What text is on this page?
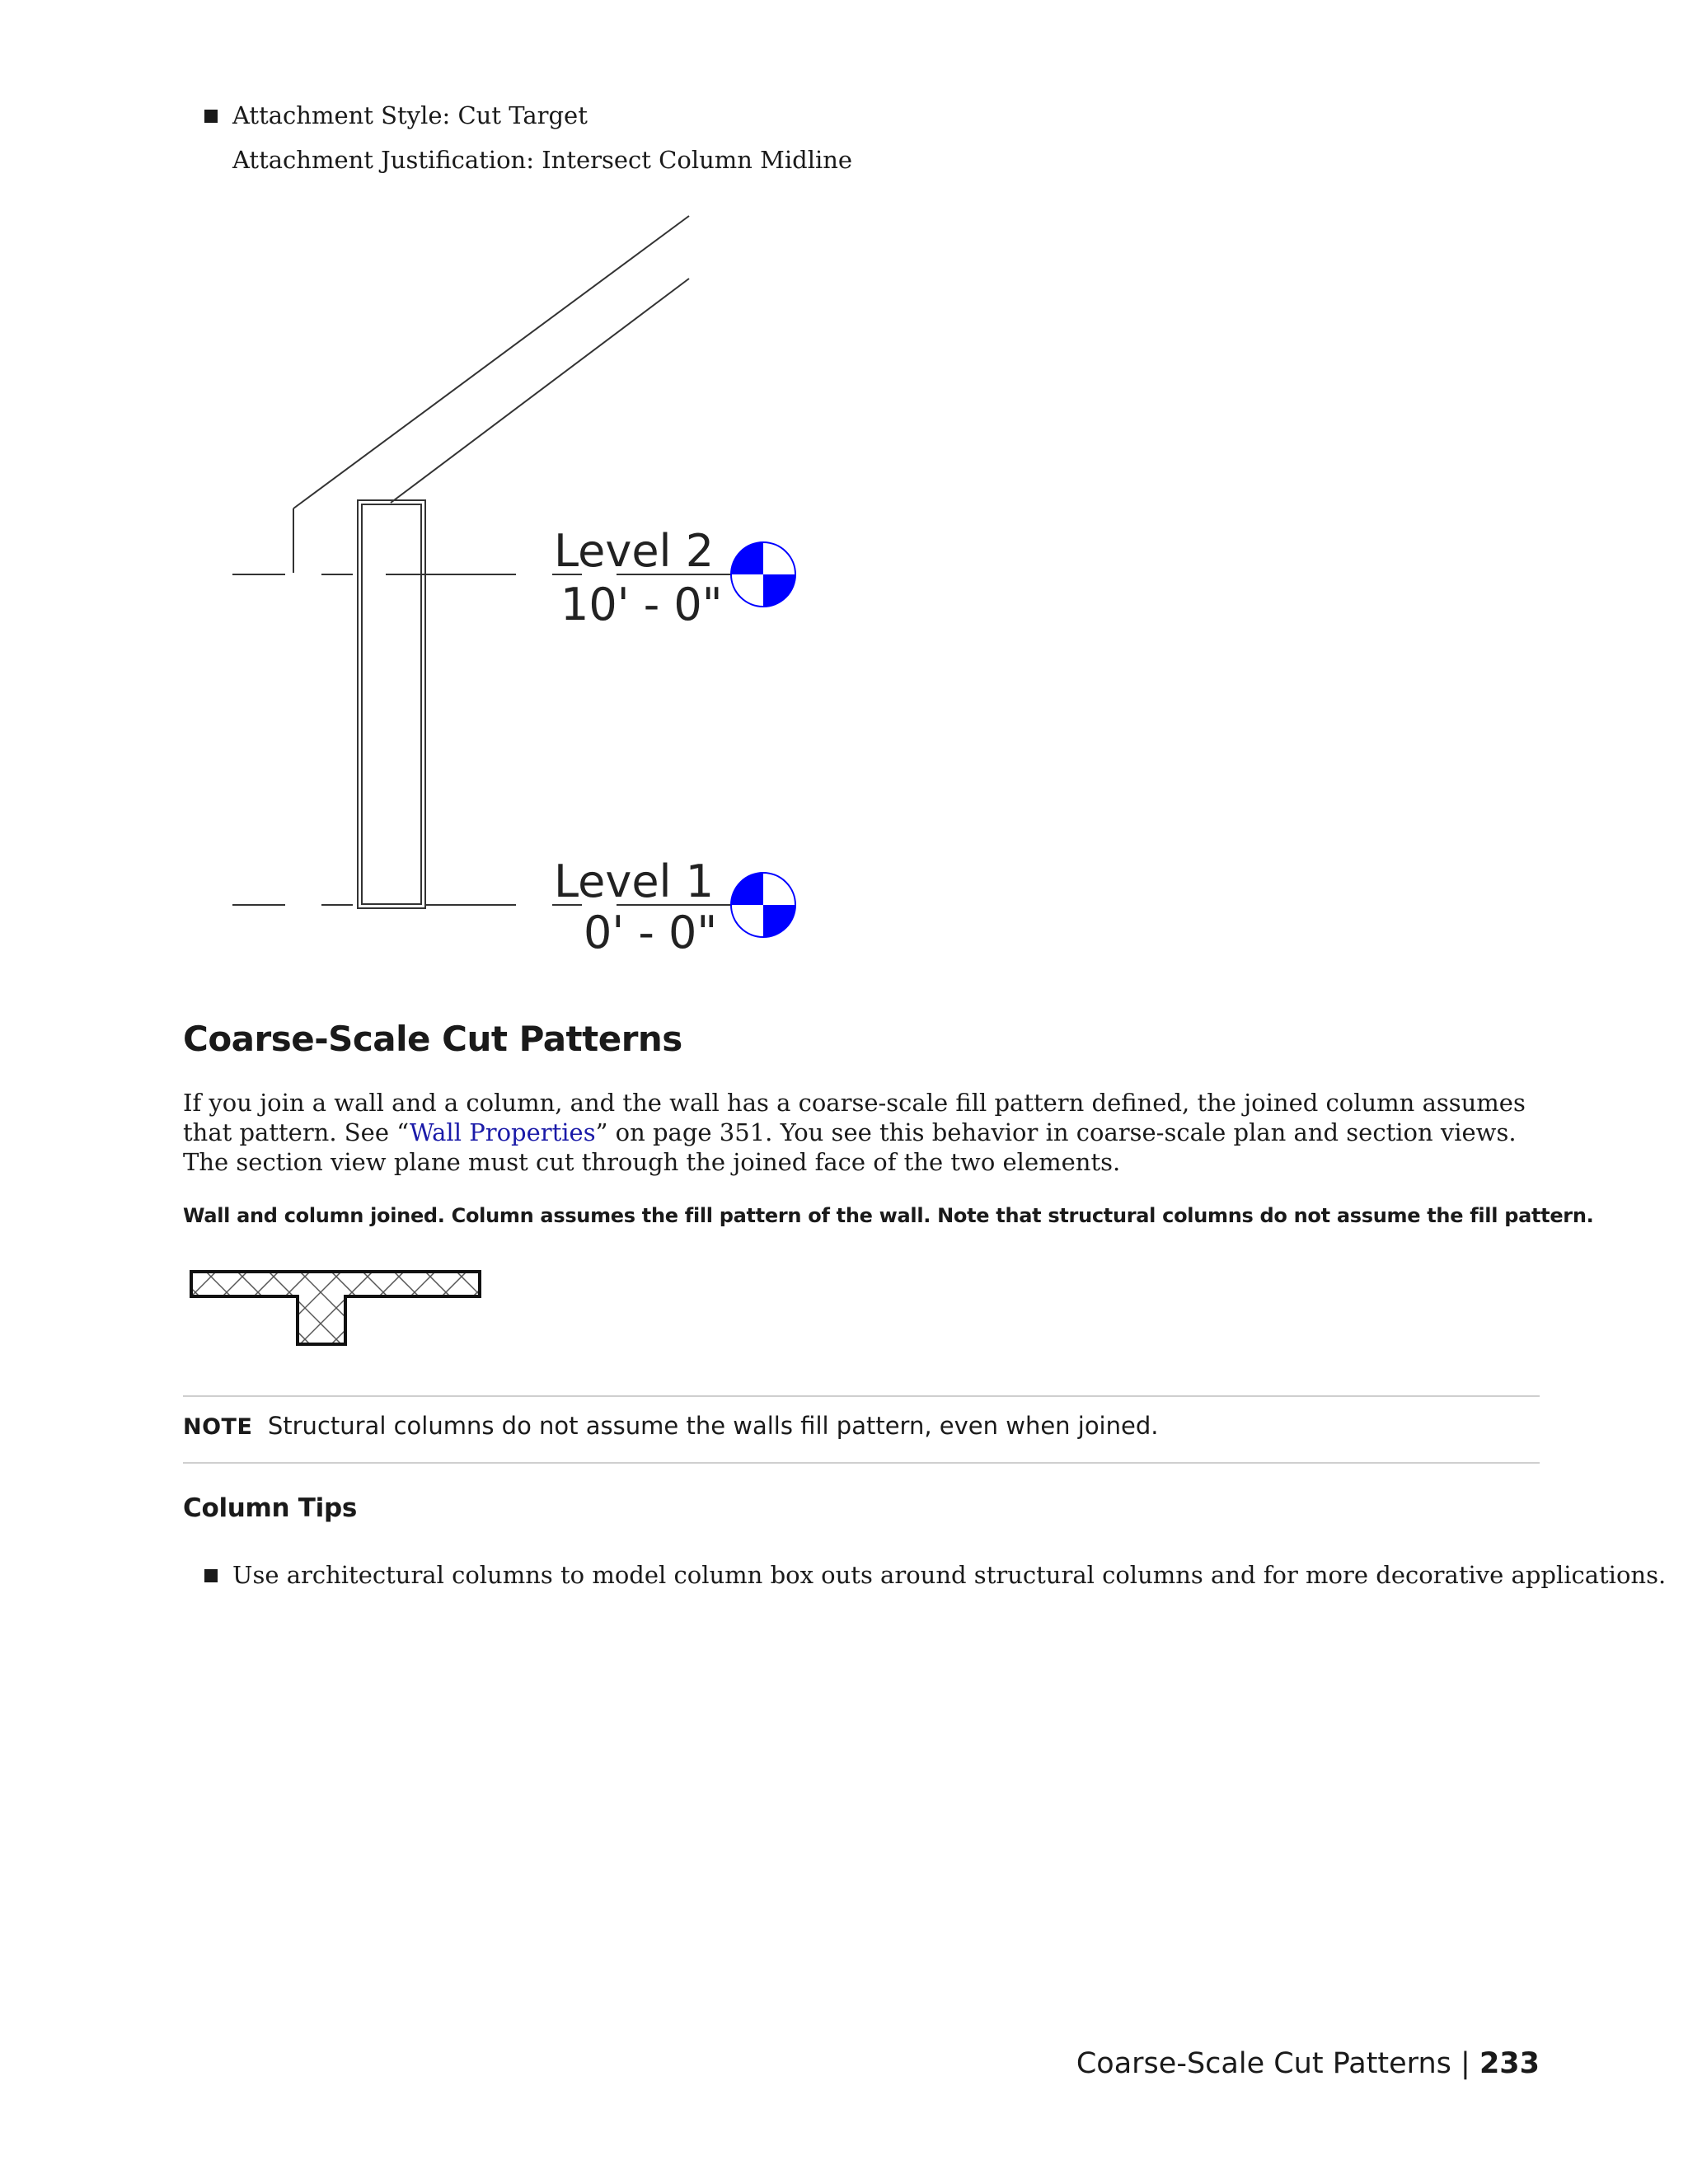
Attachment Style: Cut Target
Attachment Justification: Intersect Column Midline
Level 2
10' - 0"
Level 1
0' - 0"
Coarse-Scale Cut Patterns
If you join a wall and a column, and the wall has a coarse-scale fill pattern defined, the joined column assumes that pattern. See “Wall Properties” on page 351. You see this behavior in coarse-scale plan and section views. The section view plane must cut through the joined face of the two elements.
Wall and column joined. Column assumes the fill pattern of the wall. Note that structural columns do not assume the fill pattern.
NOTE Structural columns do not assume the walls fill pattern, even when joined.
Column Tips
Use architectural columns to model column box outs around structural columns and for more decorative applications.
Coarse-Scale Cut Patterns | 233
